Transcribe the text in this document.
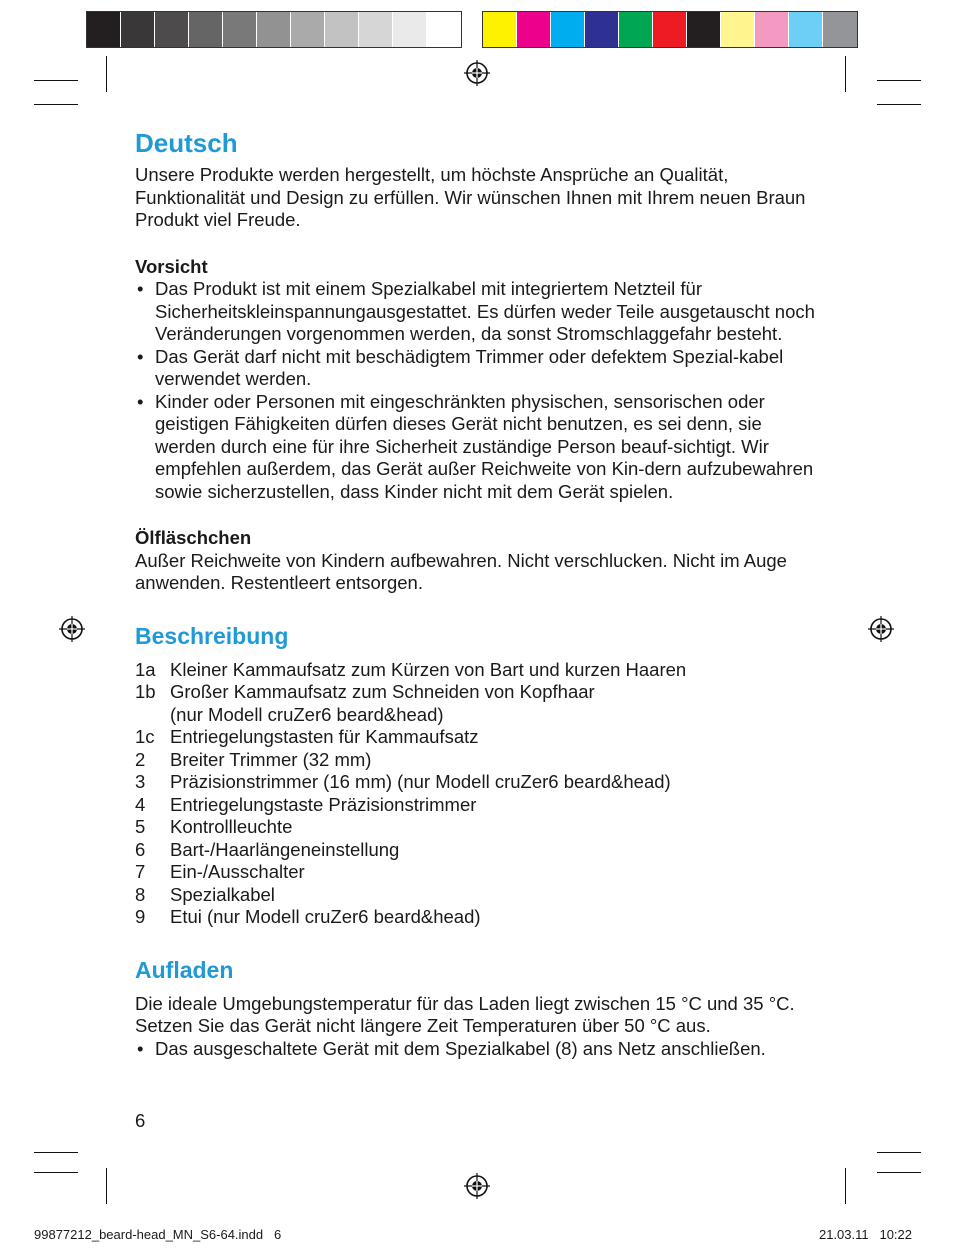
Deutsch

Unsere Produkte werden hergestellt, um höchste Ansprüche an Qualität, Funktionalität und Design zu erfüllen. Wir wünschen Ihnen mit Ihrem neuen Braun Produkt viel Freude.

Vorsicht

• Das Produkt ist mit einem Spezialkabel mit integriertem Netzteil für Sicherheitskleinspannungausgestattet. Es dürfen weder Teile ausgetauscht noch Veränderungen vorgenommen werden, da sonst Stromschlaggefahr besteht.
• Das Gerät darf nicht mit beschädigtem Trimmer oder defektem Spezial-kabel verwendet werden.
• Kinder oder Personen mit eingeschränkten physischen, sensorischen oder geistigen Fähigkeiten dürfen dieses Gerät nicht benutzen, es sei denn, sie werden durch eine für ihre Sicherheit zuständige Person beauf-sichtigt. Wir empfehlen außerdem, das Gerät außer Reichweite von Kin-dern aufzubewahren sowie sicherzustellen, dass Kinder nicht mit dem Gerät spielen.

Ölfläschchen

Außer Reichweite von Kindern aufbewahren. Nicht verschlucken. Nicht im Auge anwenden. Restentleert entsorgen.

Beschreibung
1a Kleiner Kammaufsatz zum Kürzen von Bart und kurzen Haaren
1b Großer Kammaufsatz zum Schneiden von Kopfhaar
(nur Modell cruZer6 beard&head)
1c Entriegelungstasten für Kammaufsatz
2	Breiter Trimmer (32 mm)
3	Präzisionstrimmer (16 mm) (nur Modell cruZer6 beard&head)
4	Entriegelungstaste Präzisionstrimmer
5	Kontrollleuchte
6	Bart-/Haarlängeneinstellung
7	Ein-/Ausschalter
8	Spezialkabel
9	Etui (nur Modell cruZer6 beard&head)
Aufladen

Die ideale Umgebungstemperatur für das Laden liegt zwischen 15 °C und 35 °C. Setzen Sie das Gerät nicht längere Zeit Temperaturen über 50 °C aus.

• Das ausgeschaltete Gerät mit dem Spezialkabel (8) ans Netz anschließen.
6
99877212_beard-head_MN_S6-64.indd   6	21.03.11   10:22
